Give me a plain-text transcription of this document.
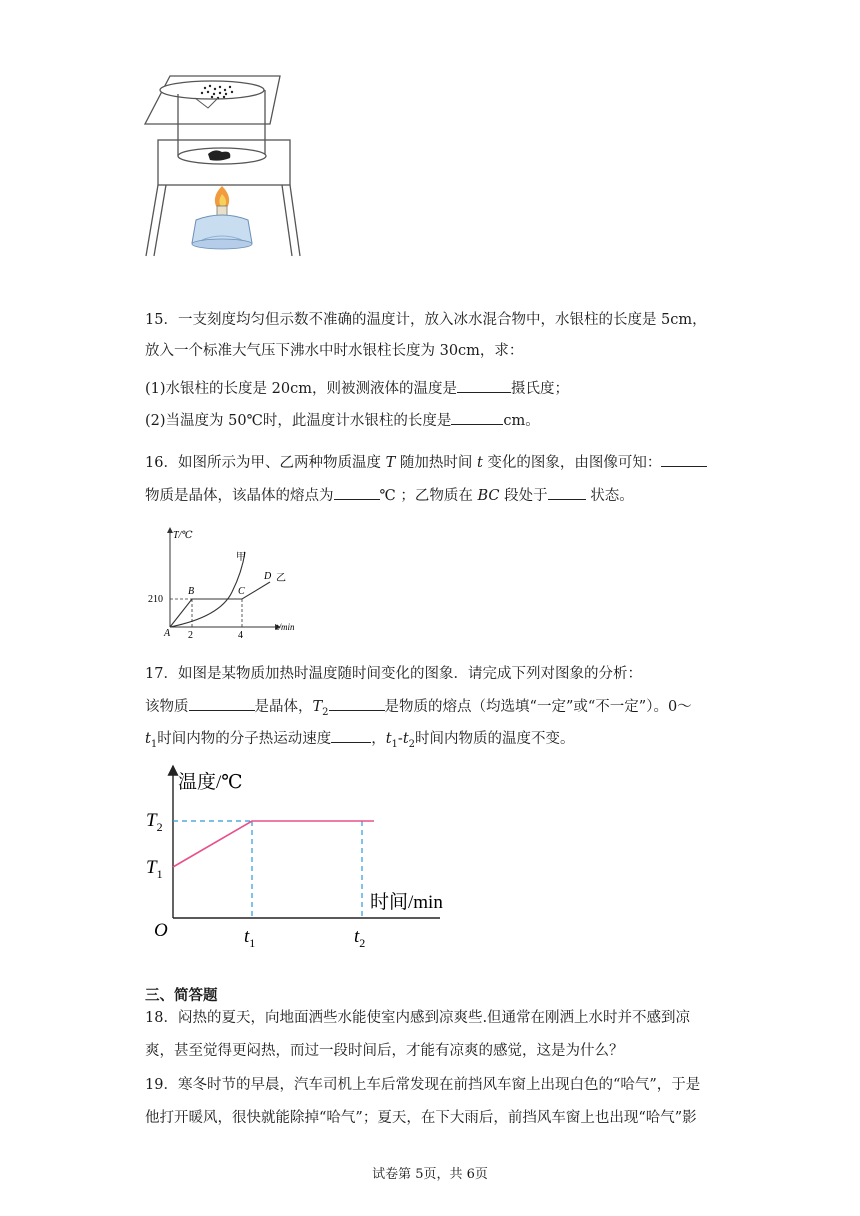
15．一支刻度均匀但示数不准确的温度计，放入冰水混合物中，水银柱的长度是 5cm，
放入一个标准大气压下沸水中时水银柱长度为 30cm，求：
(1)水银柱的长度是 20cm，则被测液体的温度是	摄氏度；
(2)当温度为 50℃时，此温度计水银柱的长度是	cm。
16．如图所示为甲、乙两种物质温度 T 随加热时间 t 变化的图象，由图像可知：
物质是晶体，该晶体的熔点为	℃ ；乙物质在 BC 段处于	状态。
T/℃
t/min
210
2	4
A
B	C
D
甲
乙
17．如图是某物质加热时温度随时间变化的图象．请完成下列对图象的分析：
该物质	是晶体，$T_2$	是物质的熔点（均选填“一定”或“不一定”）。0～
$t_1$时间内物的分子热运动速度	，$t_1-t_2$时间内物质的温度不变。
温度/℃
时间/min
O
$T_2$
$T_1$
$t_1$	$t_2$
三、简答题
18．闷热的夏天，向地面洒些水能使室内感到凉爽些.但通常在刚洒上水时并不感到凉
爽，甚至觉得更闷热，而过一段时间后，才能有凉爽的感觉，这是为什么？
19．寒冬时节的早晨，汽车司机上车后常发现在前挡风车窗上出现白色的“哈气”，于是
他打开暖风，很快就能除掉“哈气”；夏天，在下大雨后，前挡风车窗上也出现“哈气”影
试卷第 5页，共 6页
